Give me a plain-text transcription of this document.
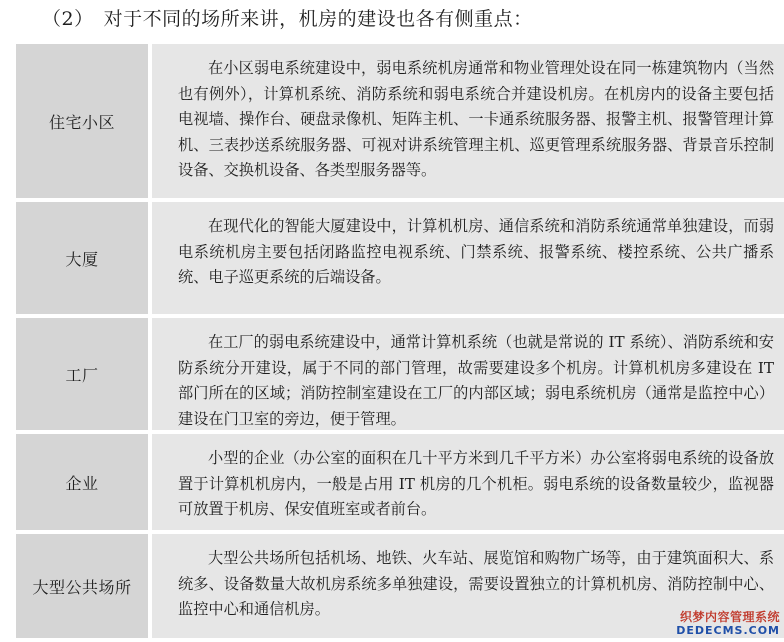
（2） 对于不同的场所来讲，机房的建设也各有侧重点：
住宅小区
在小区弱电系统建设中，弱电系统机房通常和物业管理处设在同一栋建筑物内（当然也有例外），计算机系统、消防系统和弱电系统合并建设机房。在机房内的设备主要包括电视墙、操作台、硬盘录像机、矩阵主机、一卡通系统服务器、报警主机、报警管理计算机、三表抄送系统服务器、可视对讲系统管理主机、巡更管理系统服务器、背景音乐控制设备、交换机设备、各类型服务器等。
大厦
在现代化的智能大厦建设中，计算机机房、通信系统和消防系统通常单独建设，而弱电系统机房主要包括闭路监控电视系统、门禁系统、报警系统、楼控系统、公共广播系统、电子巡更系统的后端设备。
工厂
在工厂的弱电系统建设中，通常计算机系统（也就是常说的 IT 系统）、消防系统和安防系统分开建设，属于不同的部门管理，故需要建设多个机房。计算机机房多建设在 IT 部门所在的区域；消防控制室建设在工厂的内部区域；弱电系统机房（通常是监控中心）建设在门卫室的旁边，便于管理。
企业
小型的企业（办公室的面积在几十平方米到几千平方米）办公室将弱电系统的设备放置于计算机机房内，一般是占用 IT 机房的几个机柜。弱电系统的设备数量较少，监视器可放置于机房、保安值班室或者前台。
大型公共场所
大型公共场所包括机场、地铁、火车站、展览馆和购物广场等，由于建筑面积大、系统多、设备数量大故机房系统多单独建设，需要设置独立的计算机机房、消防控制中心、监控中心和通信机房。	织梦内容管理系统
DEDECMS.COM
